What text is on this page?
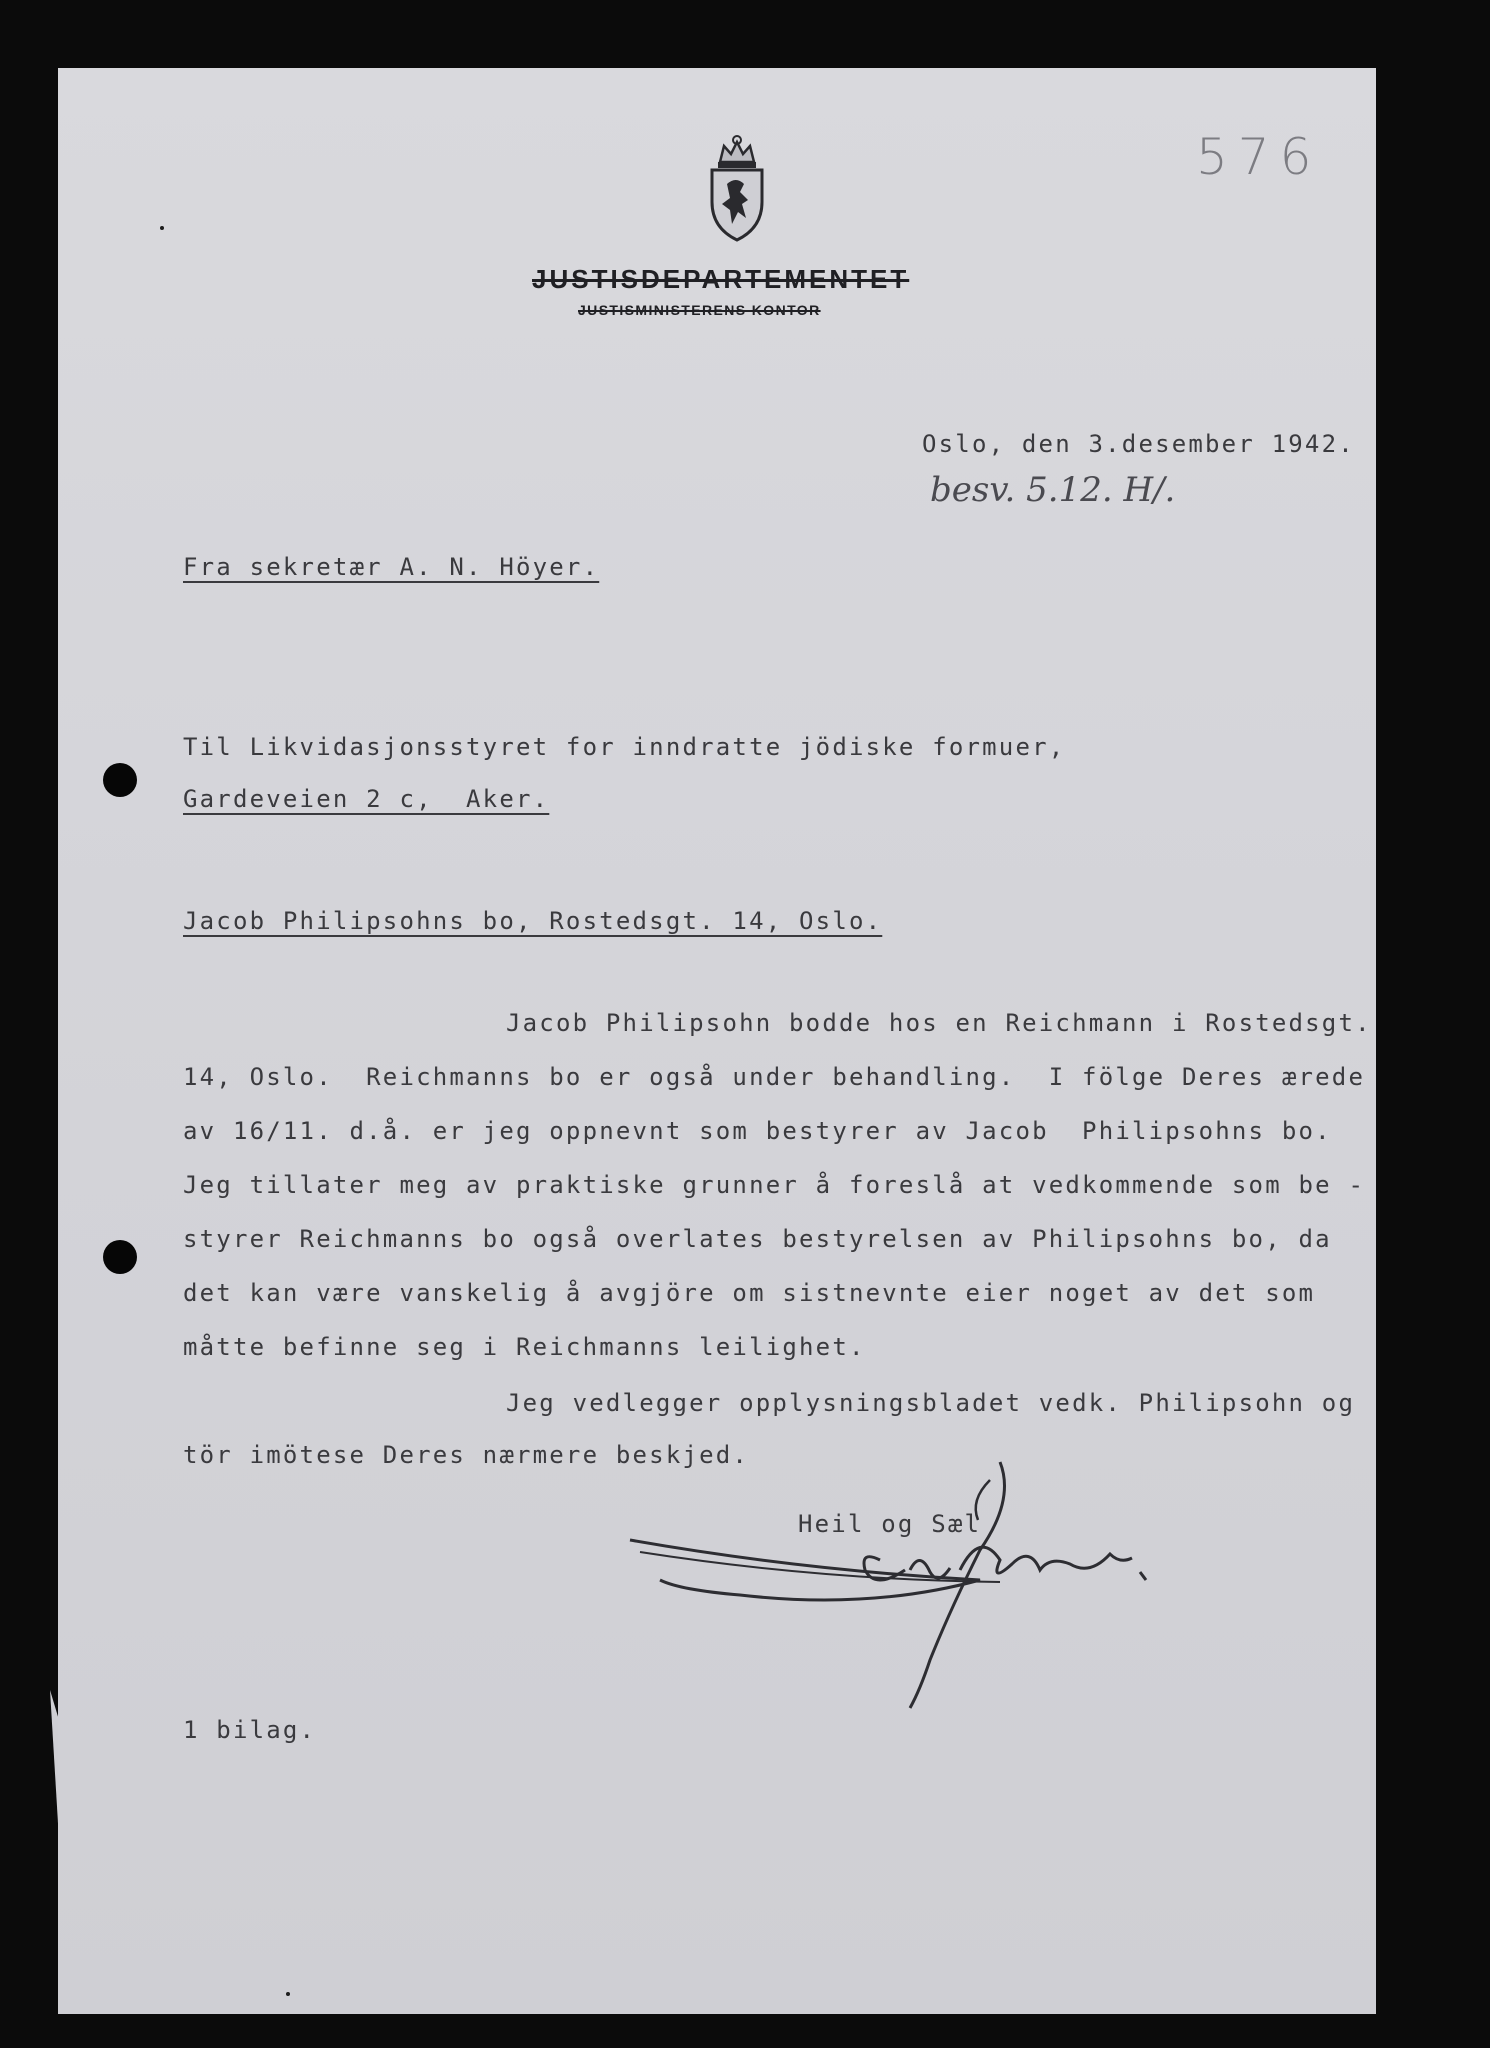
JUSTISDEPARTEMENTET
JUSTISMINISTERENS KONTOR
576
Oslo, den 3.desember 1942.
besv. 5.12. H/.
Fra sekretær A. N. Höyer.
Til Likvidasjonsstyret for inndratte jödiske formuer,
Gardeveien 2 c,  Aker.
Jacob Philipsohns bo, Rostedsgt. 14, Oslo.
Jacob Philipsohn bodde hos en Reichmann i Rostedsgt.
14, Oslo.  Reichmanns bo er også under behandling.  I fölge Deres ærede
av 16/11. d.å. er jeg oppnevnt som bestyrer av Jacob  Philipsohns bo.
Jeg tillater meg av praktiske grunner å foreslå at vedkommende som be -
styrer Reichmanns bo også overlates bestyrelsen av Philipsohns bo, da
det kan være vanskelig å avgjöre om sistnevnte eier noget av det som
måtte befinne seg i Reichmanns leilighet.
Jeg vedlegger opplysningsbladet vedk. Philipsohn og
tör imötese Deres nærmere beskjed.
Heil og Sæl
1 bilag.
